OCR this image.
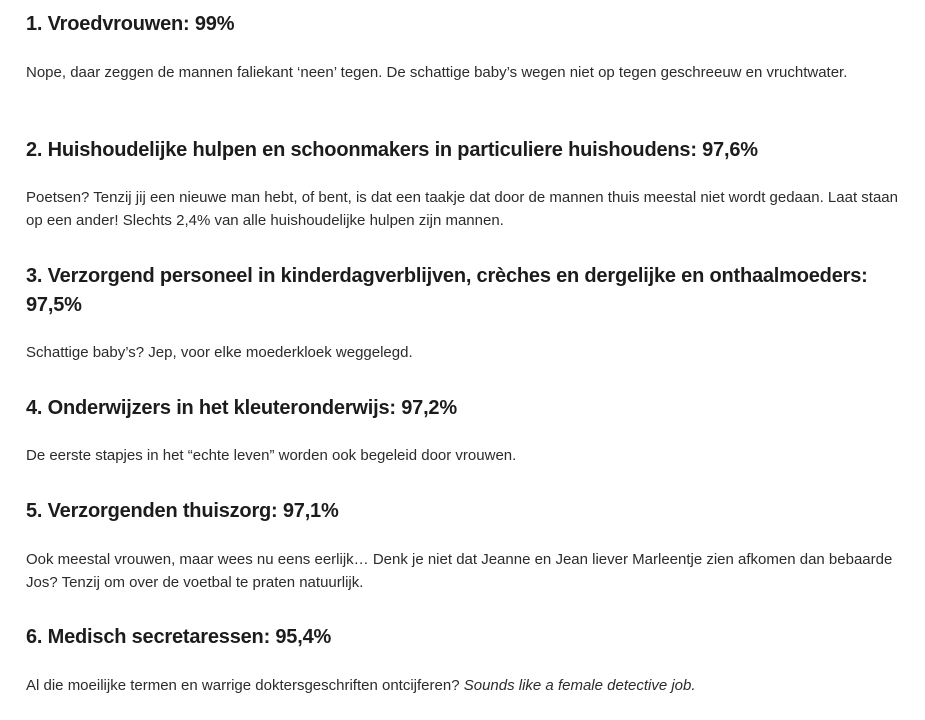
1. Vroedvrouwen: 99%

Nope, daar zeggen de mannen faliekant ‘neen’ tegen. De schattige baby’s wegen niet op tegen geschreeuw en vruchtwater.

2. Huishoudelijke hulpen en schoonmakers in particuliere huishoudens: 97,6%

Poetsen? Tenzij jij een nieuwe man hebt, of bent, is dat een taakje dat door de mannen thuis meestal niet wordt gedaan. Laat staan op een ander! Slechts 2,4% van alle huishoudelijke hulpen zijn mannen.

3. Verzorgend personeel in kinderdagverblijven, crèches en dergelijke en onthaalmoeders: 97,5%

Schattige baby’s? Jep, voor elke moederkloek weggelegd.

4. Onderwijzers in het kleuteronderwijs: 97,2%

De eerste stapjes in het “echte leven” worden ook begeleid door vrouwen.

5. Verzorgenden thuiszorg: 97,1%

Ook meestal vrouwen, maar wees nu eens eerlijk… Denk je niet dat Jeanne en Jean liever Marleentje zien afkomen dan bebaarde Jos? Tenzij om over de voetbal te praten natuurlijk.

6. Medisch secretaressen: 95,4%

Al die moeilijke termen en warrige doktersgeschriften ontcijferen? Sounds like a female detective job.
